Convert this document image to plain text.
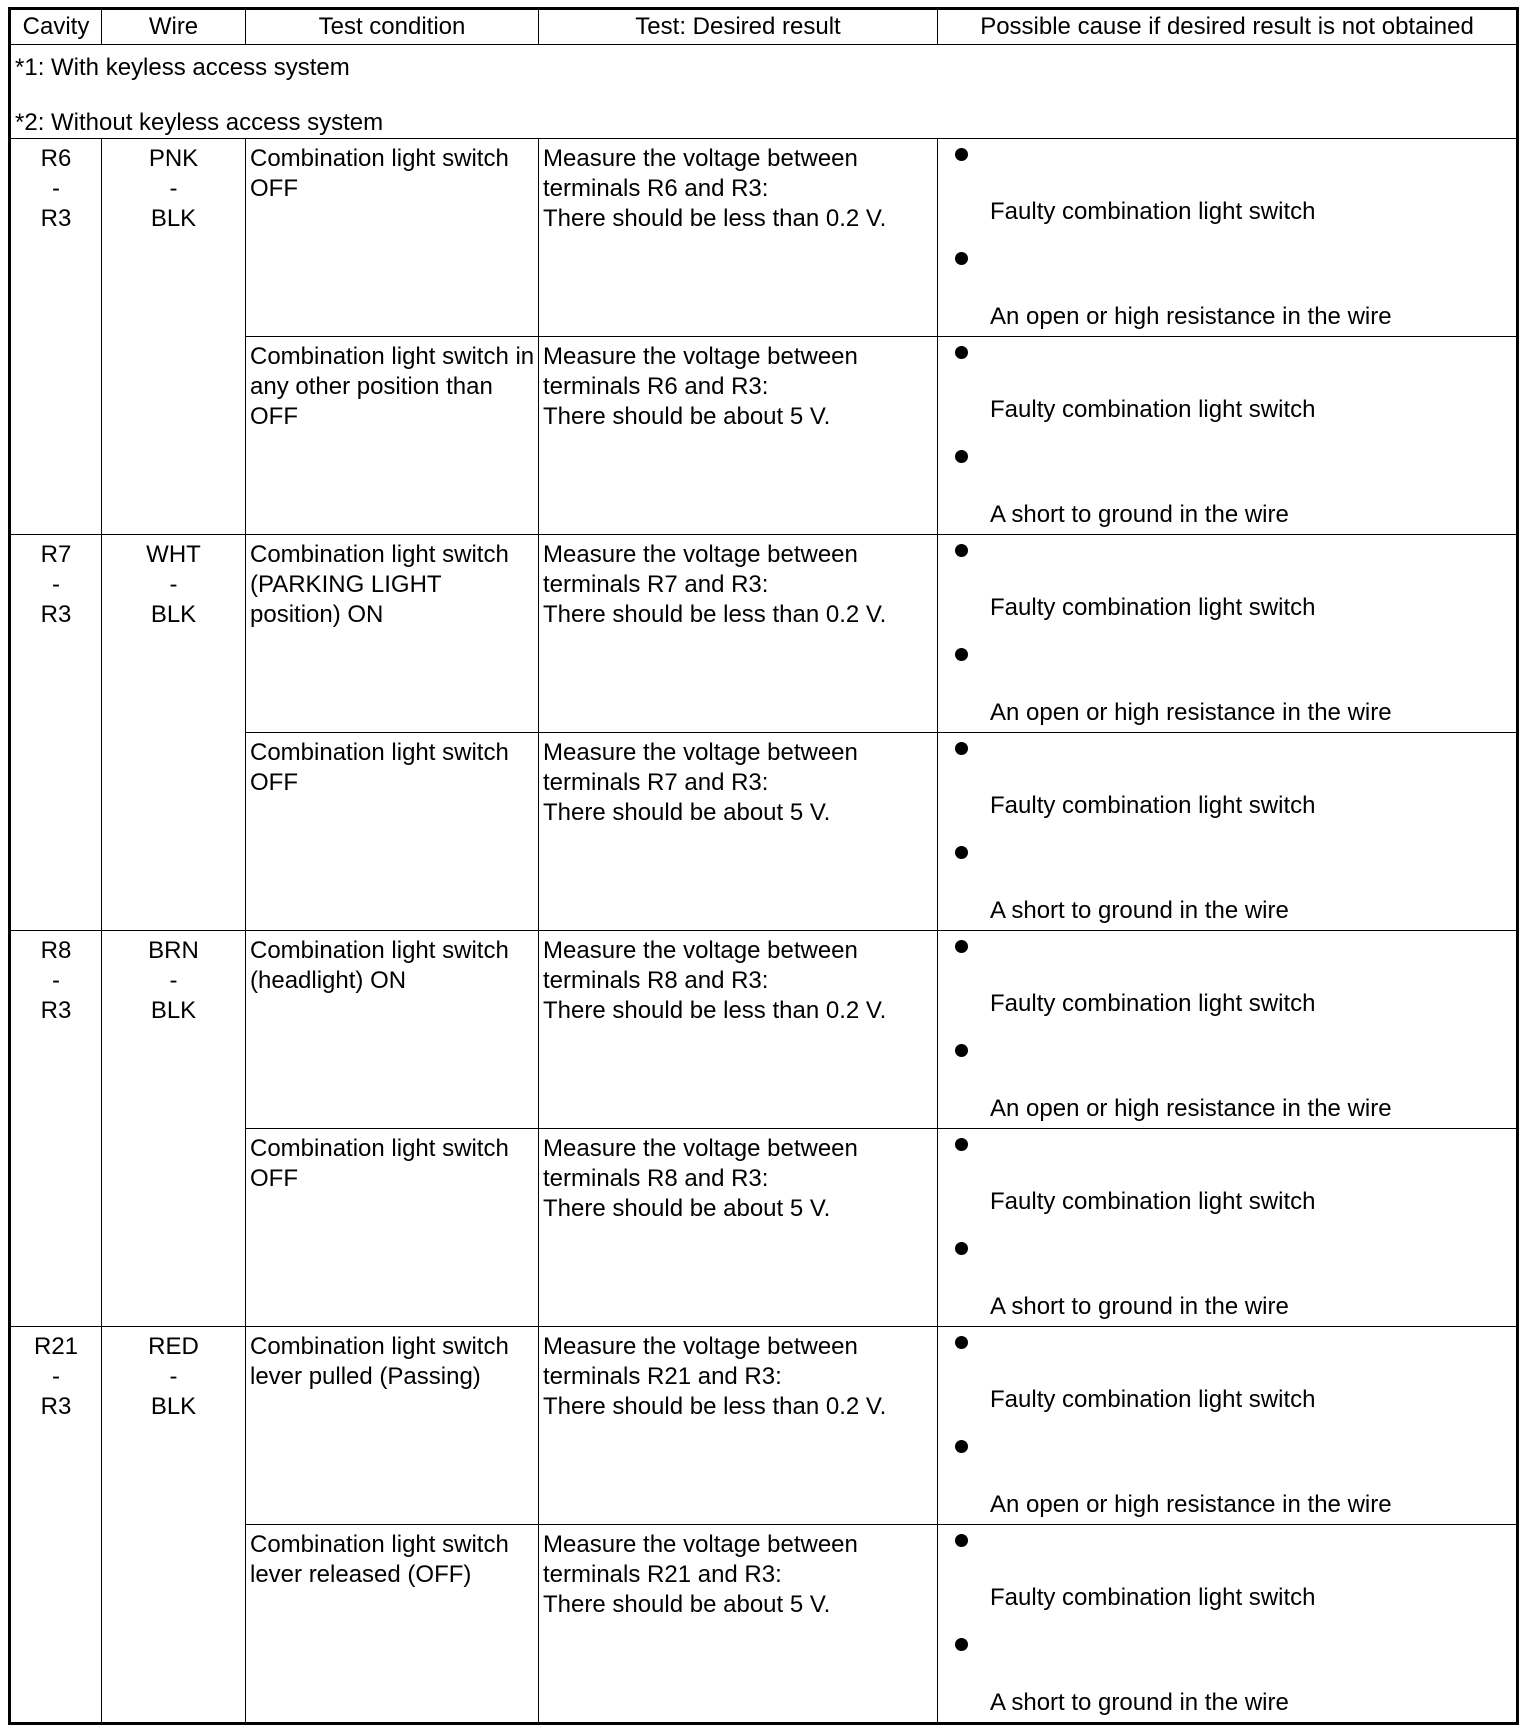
Cavity	Wire	Test condition	Test: Desired result	Possible cause if desired result is not obtained

*1: With keyless access system
*2: Without keyless access system				

R6
-
R3	PNK
-
BLK	Combination light switch OFF	Measure the voltage between
terminals R6 and R3:
There should be less than 0.2 V.	Faulty combination light switch
An open or high resistance in the wire

		Combination light switch in any other position than OFF	Measure the voltage between
terminals R6 and R3:
There should be about 5 V.	Faulty combination light switch
A short to ground in the wire

R7
-
R3	WHT
-
BLK	Combination light switch (PARKING LIGHT position) ON	Measure the voltage between
terminals R7 and R3:
There should be less than 0.2 V.	Faulty combination light switch
An open or high resistance in the wire

		Combination light switch OFF	Measure the voltage between
terminals R7 and R3:
There should be about 5 V.	Faulty combination light switch
A short to ground in the wire

R8
-
R3	BRN
-
BLK	Combination light switch (headlight) ON	Measure the voltage between
terminals R8 and R3:
There should be less than 0.2 V.	Faulty combination light switch
An open or high resistance in the wire

		Combination light switch OFF	Measure the voltage between
terminals R8 and R3:
There should be about 5 V.	Faulty combination light switch
A short to ground in the wire

R21
-
R3	RED
-
BLK	Combination light switch lever pulled (Passing)	Measure the voltage between
terminals R21 and R3:
There should be less than 0.2 V.	Faulty combination light switch
An open or high resistance in the wire

		Combination light switch lever released (OFF)	Measure the voltage between
terminals R21 and R3:
There should be about 5 V.	Faulty combination light switch
A short to ground in the wire
